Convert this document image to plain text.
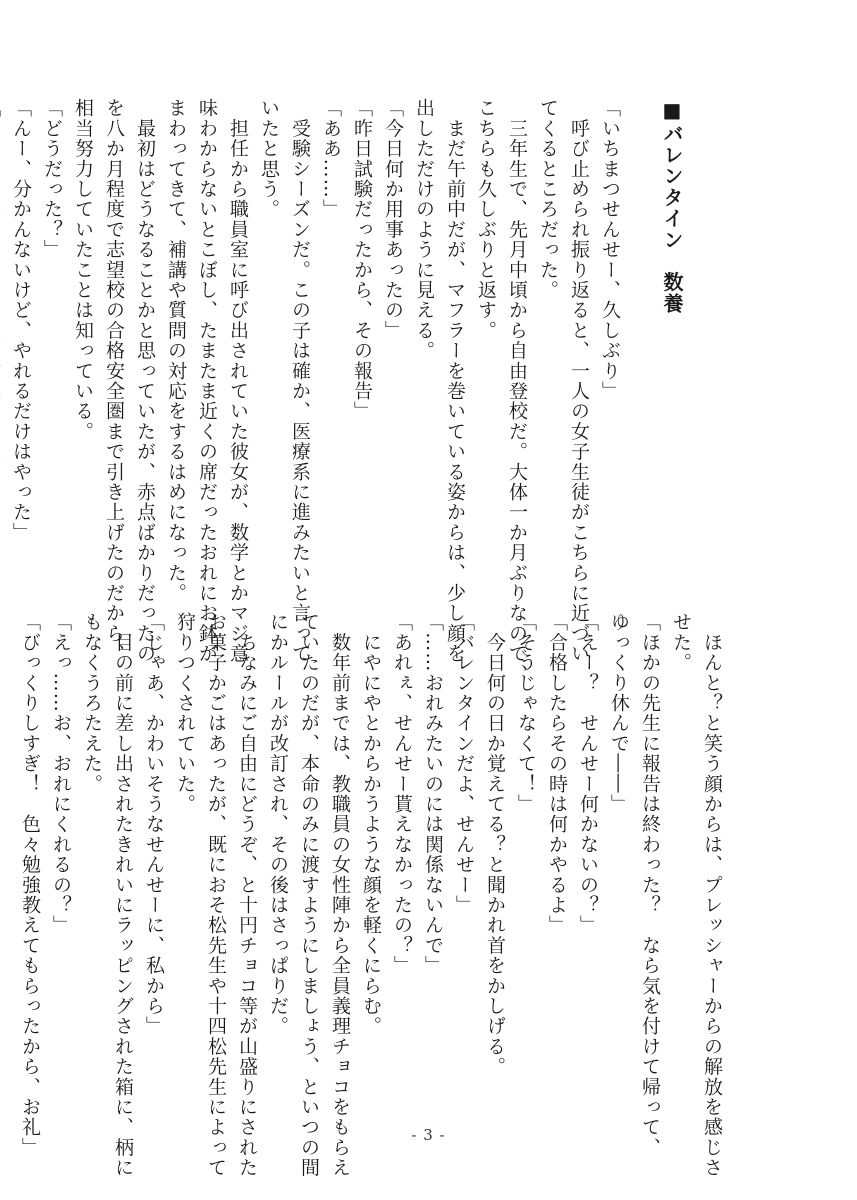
■バレンタイン　数養

「いちまつせんせー、久しぶり」
　呼び止められ振り返ると、一人の女子生徒がこちらに近づい
てくるところだった。
　三年生で、先月中頃から自由登校だ。大体一か月ぶりなので、
こちらも久しぶりと返す。
　まだ午前中だが、マフラーを巻いている姿からは、少し顔を
出しただけのように見える。
「今日何か用事あったの」
「昨日試験だったから、その報告」
「ああ……」
　受験シーズンだ。この子は確か、医療系に進みたいと言って
いたと思う。
　担任から職員室に呼び出されていた彼女が、数学とかマジ意
味わからないとこぼし、たまたま近くの席だったおれにお鉢が
まわってきて、補講や質問の対応をするはめになった。
　最初はどうなることかと思っていたが、赤点ばかりだったの
を八か月程度で志望校の合格安全圏まで引き上げたのだから、
相当努力していたことは知っている。
「どうだった？」
「んー、分かんないけど、やれるだけはやった」
　ほんと？と笑う顔からは、プレッシャーからの解放を感じさ
せた。
「ほかの先生に報告は終わった？　なら気を付けて帰って、
ゆっくり休んで――」
「えー？　せんせー何かないの？」
「合格したらその時は何かやるよ」
「そうじゃなくて！」
　今日何の日か覚えてる？と聞かれ首をかしげる。
「バレンタインだよ、せんせー」
「……おれみたいのには関係ないんで」
「あれぇ、せんせー貰えなかったの？」
　にやにやとからかうような顔を軽くにらむ。
　数年前までは、教職員の女性陣から全員義理チョコをもらえ
ていたのだが、本命のみに渡すようにしましょう、といつの間
にかルールが改訂され、その後はさっぱりだ。
　ちなみにご自由にどうぞ、と十円チョコ等が山盛りにされた
お菓子かごはあったが、既におそ松先生や十四松先生によって
狩りつくされていた。
「じゃあ、かわいそうなせんせーに、私から」
　目の前に差し出されたきれいにラッピングされた箱に、柄に
もなくうろたえた。
「えっ……お、おれにくれるの？」
「びっくりしすぎ！　色々勉強教えてもらったから、お礼」	- 3 -
